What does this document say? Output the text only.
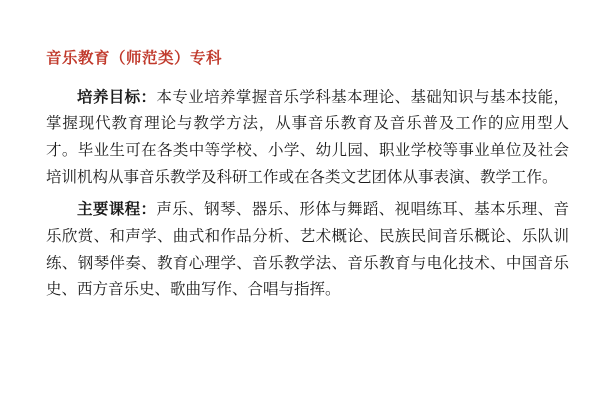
音乐教育（师范类）专科

培养目标：本专业培养掌握音乐学科基本理论、基础知识与基本技能，掌握现代教育理论与教学方法，从事音乐教育及音乐普及工作的应用型人才。毕业生可在各类中等学校、小学、幼儿园、职业学校等事业单位及社会培训机构从事音乐教学及科研工作或在各类文艺团体从事表演、教学工作。

主要课程：声乐、钢琴、器乐、形体与舞蹈、视唱练耳、基本乐理、音乐欣赏、和声学、曲式和作品分析、艺术概论、民族民间音乐概论、乐队训练、钢琴伴奏、教育心理学、音乐教学法、音乐教育与电化技术、中国音乐史、西方音乐史、歌曲写作、合唱与指挥。
